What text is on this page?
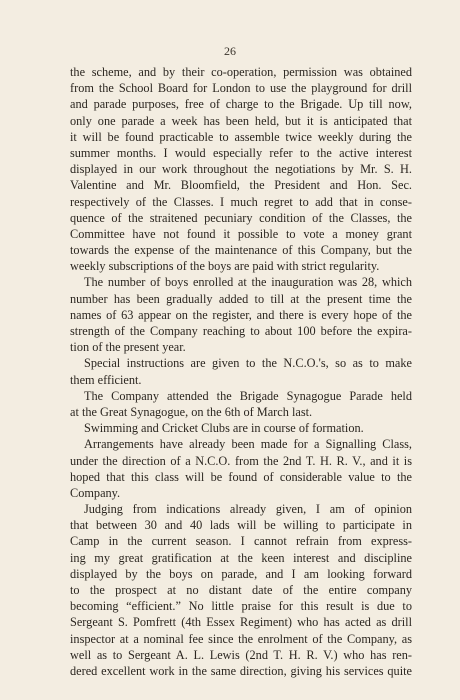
26
the scheme, and by their co-operation, permission was obtained
from the School Board for London to use the playground for drill
and parade purposes, free of charge to the Brigade. Up till now,
only one parade a week has been held, but it is anticipated that
it will be found practicable to assemble twice weekly during the
summer months. I would especially refer to the active interest
displayed in our work throughout the negotiations by Mr. S. H.
Valentine and Mr. Bloomfield, the President and Hon. Sec.
respectively of the Classes. I much regret to add that in conse-
quence of the straitened pecuniary condition of the Classes, the
Committee have not found it possible to vote a money grant
towards the expense of the maintenance of this Company, but the
weekly subscriptions of the boys are paid with strict regularity.
The number of boys enrolled at the inauguration was 28, which
number has been gradually added to till at the present time the
names of 63 appear on the register, and there is every hope of the
strength of the Company reaching to about 100 before the expira-
tion of the present year.
Special instructions are given to the N.C.O.'s, so as to make
them efficient.
The Company attended the Brigade Synagogue Parade held
at the Great Synagogue, on the 6th of March last.
Swimming and Cricket Clubs are in course of formation.
Arrangements have already been made for a Signalling Class,
under the direction of a N.C.O. from the 2nd T. H. R. V., and it is
hoped that this class will be found of considerable value to the
Company.
Judging from indications already given, I am of opinion
that between 30 and 40 lads will be willing to participate in
Camp in the current season. I cannot refrain from express-
ing my great gratification at the keen interest and discipline
displayed by the boys on parade, and I am looking forward
to the prospect at no distant date of the entire company
becoming “efficient.” No little praise for this result is due to
Sergeant S. Pomfrett (4th Essex Regiment) who has acted as drill
inspector at a nominal fee since the enrolment of the Company, as
well as to Sergeant A. L. Lewis (2nd T. H. R. V.) who has ren-
dered excellent work in the same direction, giving his services quite
